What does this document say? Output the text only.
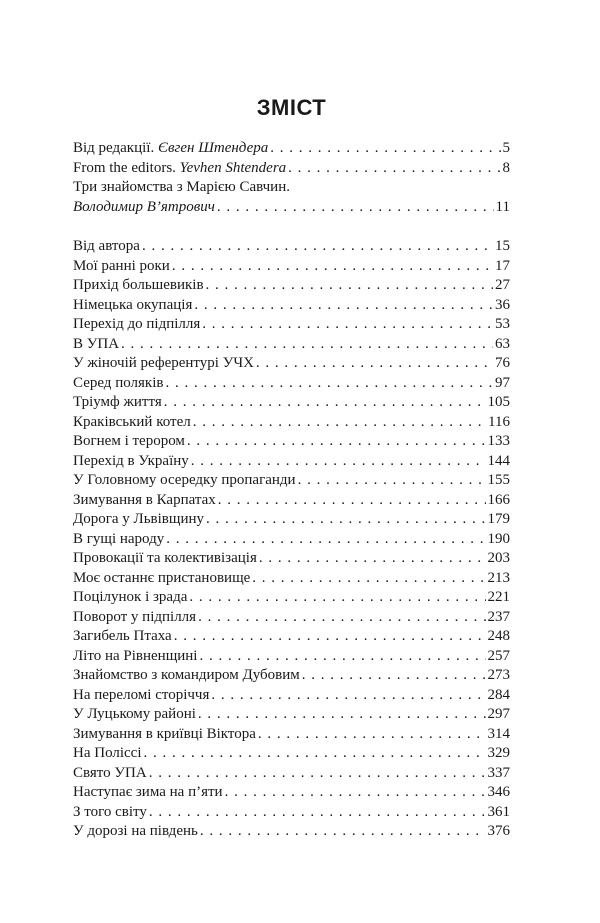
ЗМІСТ
Від редакції. Євген Штендера . . .	5
From the editors. Yevhen Shtendera . . .	8
Три знайомства з Марією Савчин.
Володимир В’ятрович . . .	11
Від автора . . .	15
Мої ранні роки . . .	17
Прихід большевиків . . .	27
Німецька окупація . . .	36
Перехід до підпілля . . .	53
В УПА . . .	63
У жіночій референтурі УЧХ . . .	76
Серед поляків . . .	97
Тріумф життя . . .	105
Краківський котел . . .	116
Вогнем і терором . . .	133
Перехід в Україну . . .	144
У Головному осередку пропаганди . . .	155
Зимування в Карпатах . . .	166
Дорога у Львівщину . . .	179
В гущі народу . . .	190
Провокації та колективізація . . .	203
Моє останнє пристановище . . .	213
Поцілунок і зрада . . .	221
Поворот у підпілля . . .	237
Загибель Птаха . . .	248
Літо на Рівненщині . . .	257
Знайомство з командиром Дубовим . . .	273
На переломі сторіччя . . .	284
У Луцькому районі . . .	297
Зимування в криївці Віктора . . .	314
На Поліссі . . .	329
Свято УПА . . .	337
Наступає зима на п’яти . . .	346
З того світу . . .	361
У дорозі на південь . . .	376
